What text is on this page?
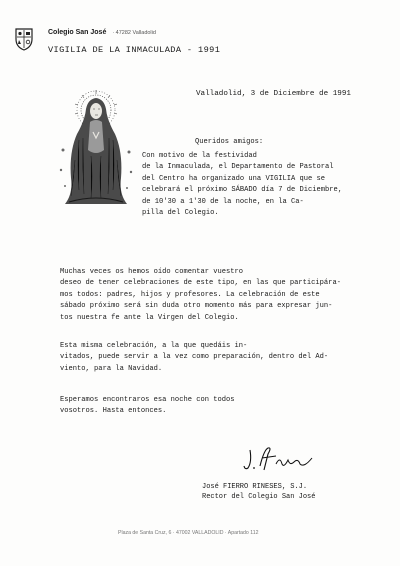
Colegio San José · 47282 Valladolid
VIGILIA DE LA INMACULADA - 1991
Valladolid, 3 de Diciembre de 1991
Queridos amigos:
Con motivo de la festividad
de la Inmaculada, el Departamento de Pastoral
del Centro ha organizado una VIGILIA que se
celebrará el próximo SÁBADO día 7 de Diciembre,
de 10'30 a 1'30 de la noche, en la Ca-
pilla del Colegio.
Muchas veces os hemos oído comentar vuestro
deseo de tener celebraciones de este tipo, en las que participára-
mos todos: padres, hijos y profesores. La celebración de este
sábado próximo será sin duda otro momento más para expresar jun-
tos nuestra fe ante la Virgen del Colegio.
Esta misma celebración, a la que quedáis in-
vitados, puede servir a la vez como preparación, dentro del Ad-
viento, para la Navidad.
Esperamos encontraros esa noche con todos
vosotros. Hasta entonces.
José FIERRO RINESES, S.J.
Rector del Colegio San José
Plaza de Santa Cruz, 6 · 47002 VALLADOLID · Apartado 112
